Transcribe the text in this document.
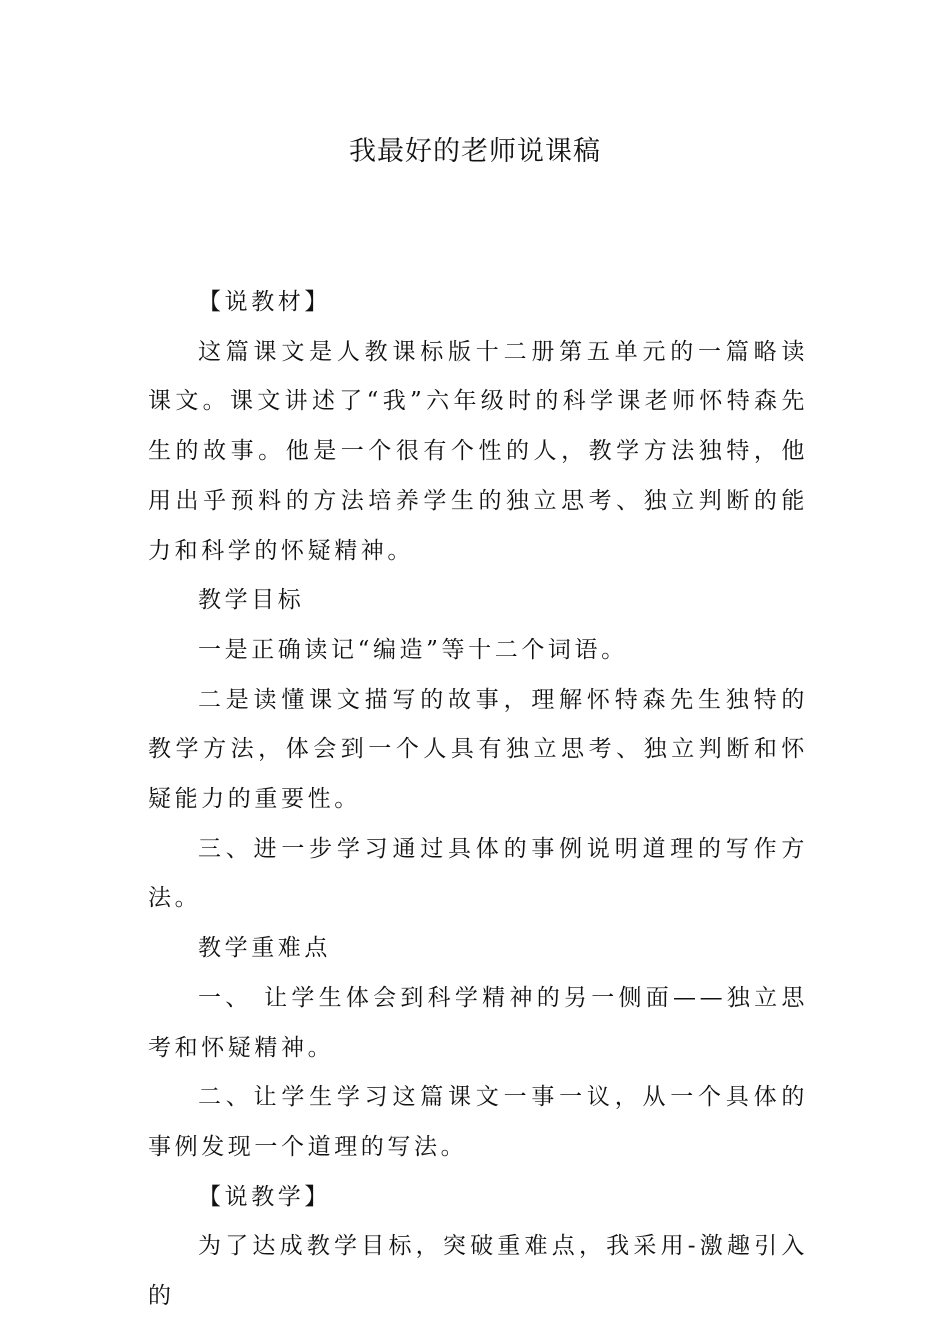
我最好的老师说课稿

【说教材】

这篇课文是人教课标版十二册第五单元的一篇略读课文。课文讲述了“我”六年级时的科学课老师怀特森先生的故事。他是一个很有个性的人，教学方法独特，他用出乎预料的方法培养学生的独立思考、独立判断的能力和科学的怀疑精神。

教学目标

一是正确读记“编造”等十二个词语。

二是读懂课文描写的故事，理解怀特森先生独特的教学方法，体会到一个人具有独立思考、独立判断和怀疑能力的重要性。

三、进一步学习通过具体的事例说明道理的写作方法。

教学重难点

一、 让学生体会到科学精神的另一侧面——独立思考和怀疑精神。

二、让学生学习这篇课文一事一议，从一个具体的事例发现一个道理的写法。

【说教学】

为了达成教学目标，突破重难点，我采用-激趣引入的
